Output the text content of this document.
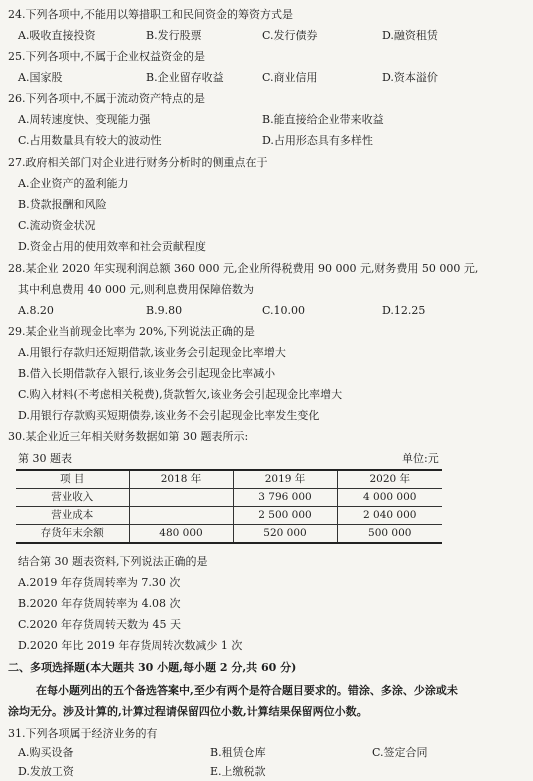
24.下列各项中,不能用以筹措职工和民间资金的筹资方式是
A.吸收直接投资	B.发行股票	C.发行债券	D.融资租赁
25.下列各项中,不属于企业权益资金的是
A.国家股	B.企业留存收益	C.商业信用	D.资本溢价
26.下列各项中,不属于流动资产特点的是
A.周转速度快、变现能力强	B.能直接给企业带来收益
C.占用数量具有较大的波动性	D.占用形态具有多样性
27.政府相关部门对企业进行财务分析时的侧重点在于
A.企业资产的盈利能力
B.贷款报酬和风险
C.流动资金状况
D.资金占用的使用效率和社会贡献程度
28.某企业 2020 年实现利润总额 360 000 元,企业所得税费用 90 000 元,财务费用 50 000 元,
其中利息费用 40 000 元,则利息费用保障倍数为
A.8.20	B.9.80	C.10.00	D.12.25
29.某企业当前现金比率为 20%,下列说法正确的是
A.用银行存款归还短期借款,该业务会引起现金比率增大
B.借入长期借款存入银行,该业务会引起现金比率减小
C.购入材料(不考虑相关税费),货款暂欠,该业务会引起现金比率增大
D.用银行存款购买短期债券,该业务不会引起现金比率发生变化
30.某企业近三年相关财务数据如第 30 题表所示:
第 30 题表	单位:元
项 目	2018 年	2019 年	2020 年
营业收入		3 796 000	4 000 000
营业成本		2 500 000	2 040 000
存货年末余额	480 000	520 000	500 000
结合第 30 题表资料,下列说法正确的是
A.2019 年存货周转率为 7.30 次
B.2020 年存货周转率为 4.08 次
C.2020 年存货周转天数为 45 天
D.2020 年比 2019 年存货周转次数减少 1 次
二、多项选择题(本大题共 30 小题,每小题 2 分,共 60 分)
在每小题列出的五个备选答案中,至少有两个是符合题目要求的。错涂、多涂、少涂或未
涂均无分。涉及计算的,计算过程请保留四位小数,计算结果保留两位小数。
31.下列各项属于经济业务的有
A.购买设备	B.租赁仓库	C.签定合同
D.发放工资	E.上缴税款
